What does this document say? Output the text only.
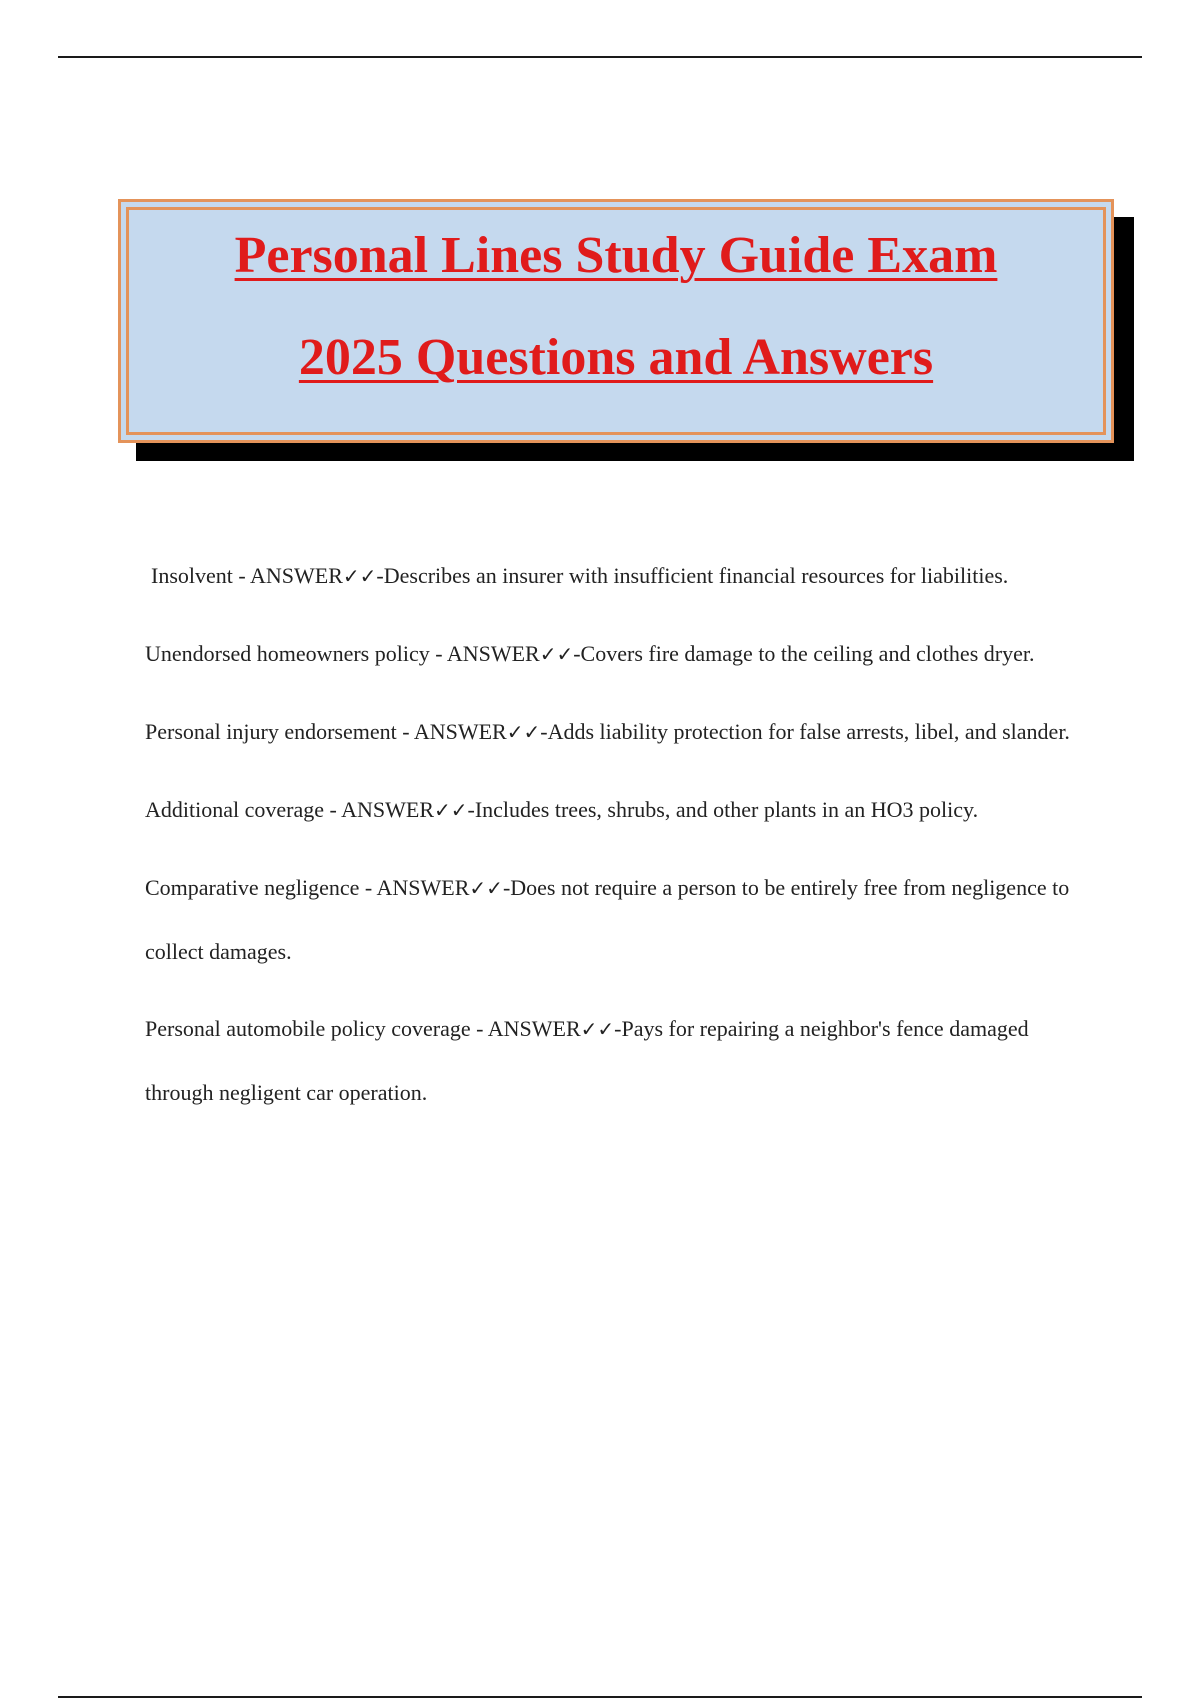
Personal Lines Study Guide Exam
2025 Questions and Answers

Insolvent - ANSWER✓✓-Describes an insurer with insufficient financial resources for liabilities.

Unendorsed homeowners policy - ANSWER✓✓-Covers fire damage to the ceiling and clothes dryer.

Personal injury endorsement - ANSWER✓✓-Adds liability protection for false arrests, libel, and slander.

Additional coverage - ANSWER✓✓-Includes trees, shrubs, and other plants in an HO3 policy.

Comparative negligence - ANSWER✓✓-Does not require a person to be entirely free from negligence to collect damages.

Personal automobile policy coverage - ANSWER✓✓-Pays for repairing a neighbor's fence damaged through negligent car operation.
